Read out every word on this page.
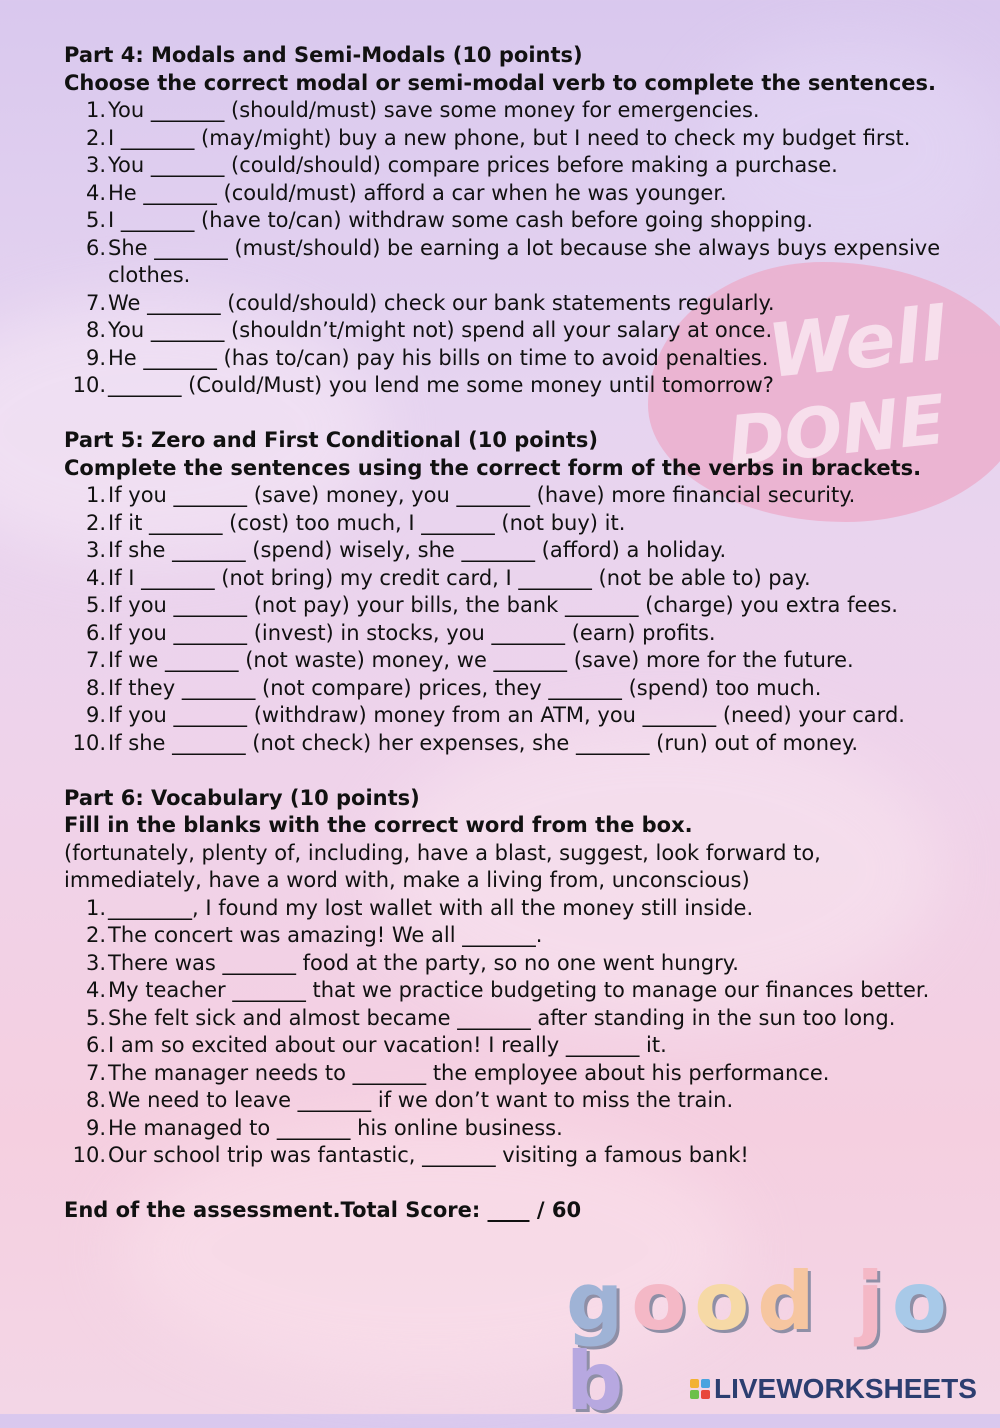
Well
DONE

Part 4: Modals and Semi-Modals (10 points)

Choose the correct modal or semi-modal verb to complete the sentences.

1. You _______ (should/must) save some money for emergencies.
2. I _______ (may/might) buy a new phone, but I need to check my budget first.
3. You _______ (could/should) compare prices before making a purchase.
4. He _______ (could/must) afford a car when he was younger.
5. I _______ (have to/can) withdraw some cash before going shopping.
6. She _______ (must/should) be earning a lot because she always buys expensive clothes.
7. We _______ (could/should) check our bank statements regularly.
8. You _______ (shouldn’t/might not) spend all your salary at once.
9. He _______ (has to/can) pay his bills on time to avoid penalties.
10. _______ (Could/Must) you lend me some money until tomorrow?

Part 5: Zero and First Conditional (10 points)

Complete the sentences using the correct form of the verbs in brackets.

1. If you _______ (save) money, you _______ (have) more financial security.
2. If it _______ (cost) too much, I _______ (not buy) it.
3. If she _______ (spend) wisely, she _______ (afford) a holiday.
4. If I _______ (not bring) my credit card, I _______ (not be able to) pay.
5. If you _______ (not pay) your bills, the bank _______ (charge) you extra fees.
6. If you _______ (invest) in stocks, you _______ (earn) profits.
7. If we _______ (not waste) money, we _______ (save) more for the future.
8. If they _______ (not compare) prices, they _______ (spend) too much.
9. If you _______ (withdraw) money from an ATM, you _______ (need) your card.
10. If she _______ (not check) her expenses, she _______ (run) out of money.

Part 6: Vocabulary (10 points)

Fill in the blanks with the correct word from the box.

(fortunately, plenty of, including, have a blast, suggest, look forward to, immediately, have a word with, make a living from, unconscious)

1. ________, I found my lost wallet with all the money still inside.
2. The concert was amazing! We all _______.
3. There was _______ food at the party, so no one went hungry.
4. My teacher _______ that we practice budgeting to manage our finances better.
5. She felt sick and almost became _______ after standing in the sun too long.
6. I am so excited about our vacation! I really _______ it.
7. The manager needs to _______ the employee about his performance.
8. We need to leave _______ if we don’t want to miss the train.
9. He managed to _______ his online business.
10. Our school trip was fantastic, _______ visiting a famous bank!

End of the assessment.Total Score: ____ / 60

good job	LIVEWORKSHEETS
